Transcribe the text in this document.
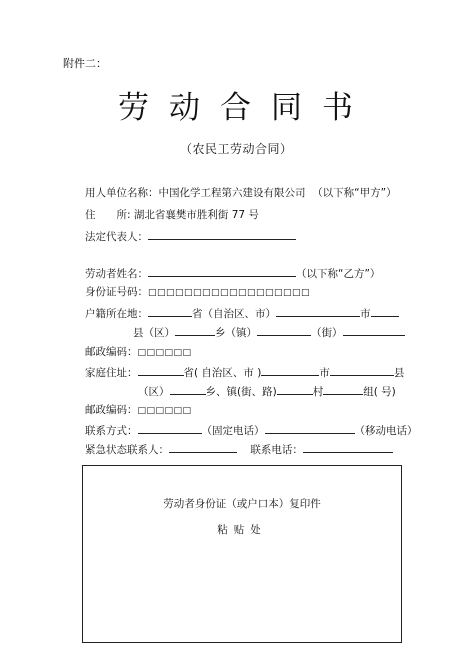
附件二：
劳动合同书
（农民工劳动合同）
用人单位名称：中国化学工程第六建设有限公司 （以下称“甲方”）
住　　所: 湖北省襄樊市胜利街 77 号
法定代表人：
劳动者姓名：	（以下称“乙方”）
身份证号码：□□□□□□□□□□□□□□□□□□
户籍所在地：	省（自治区、市）	市
县（区）	乡（镇）	（街）
邮政编码：□□□□□□
家庭住址：	省( 自治区、市 )	市	县
（区）	乡、镇(街、路)	村	组( 号)
邮政编码：□□□□□□
联系方式：	（固定电话）	（移动电话）
紧急状态联系人：	联系电话：
劳动者身份证（或户口本）复印件
粘贴处
